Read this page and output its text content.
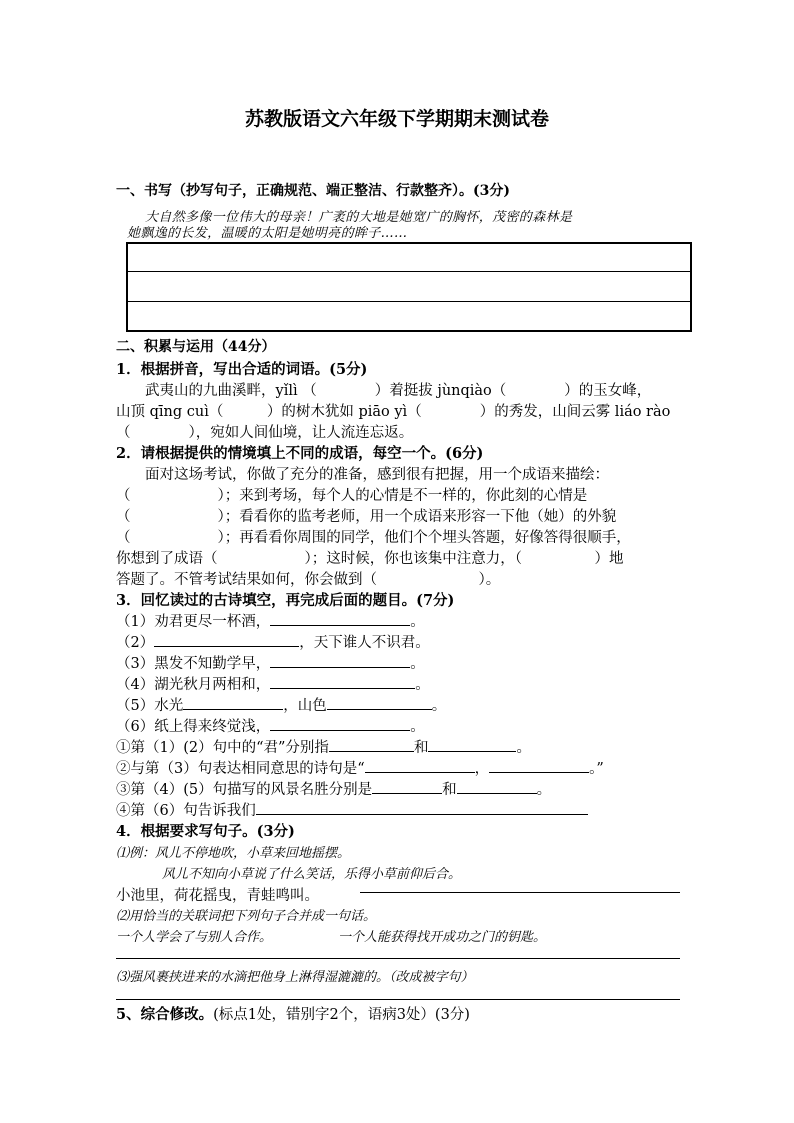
苏教版语文六年级下学期期末测试卷
一、书写（抄写句子，正确规范、端正整洁、行款整齐）。(3分)
大自然多像一位伟大的母亲！广袤的大地是她宽广的胸怀，茂密的森林是
她飘逸的长发，温暖的太阳是她明亮的眸子……
二、积累与运用（44分）
1．根据拼音，写出合适的词语。(5分)
武夷山的九曲溪畔，yǐlì （　　　　）着挺拔 jùnqiào（　　　　）的玉女峰，
山顶 qīng cuì（　　　）的树木犹如 piāo yì（　　　　）的秀发，山间云雾 liáo rào
（　　　　），宛如人间仙境，让人流连忘返。
2．请根据提供的情境填上不同的成语，每空一个。(6分)
面对这场考试，你做了充分的准备，感到很有把握，用一个成语来描绘：
（　　　　　　）；来到考场，每个人的心情是不一样的，你此刻的心情是
（　　　　　　）；看看你的监考老师，用一个成语来形容一下他（她）的外貌
（　　　　　　）；再看看你周围的同学，他们个个埋头答题，好像答得很顺手，
你想到了成语（　　　　　　）；这时候，你也该集中注意力，（　　　　　）地
答题了。不管考试结果如何，你会做到（　　　　　　　）。
3．回忆读过的古诗填空，再完成后面的题目。(7分)
（1）劝君更尽一杯酒，	。
（2）	，天下谁人不识君。
（3）黑发不知勤学早，	。
（4）湖光秋月两相和，	。
（5）水光	，山色	。
（6）纸上得来终觉浅，	。
①第（1）(2）句中的“君”分别指	和	。
②与第（3）句表达相同意思的诗句是“	，	。”
③第（4）(5）句描写的风景名胜分别是	和	。
④第（6）句告诉我们
4．根据要求写句子。(3分)
⑴例：风儿不停地吹，小草来回地摇摆。
风儿不知向小草说了什么笑话，乐得小草前仰后合。
小池里，荷花摇曳，青蛙鸣叫。
⑵用恰当的关联词把下列句子合并成一句话。
一个人学会了与别人合作。	一个人能获得找开成功之门的钥匙。
⑶强风裹挟进来的水滴把他身上淋得湿漉漉的。（改成被字句）
5、综合修改。(标点1处，错别字2个，语病3处）(3分)
